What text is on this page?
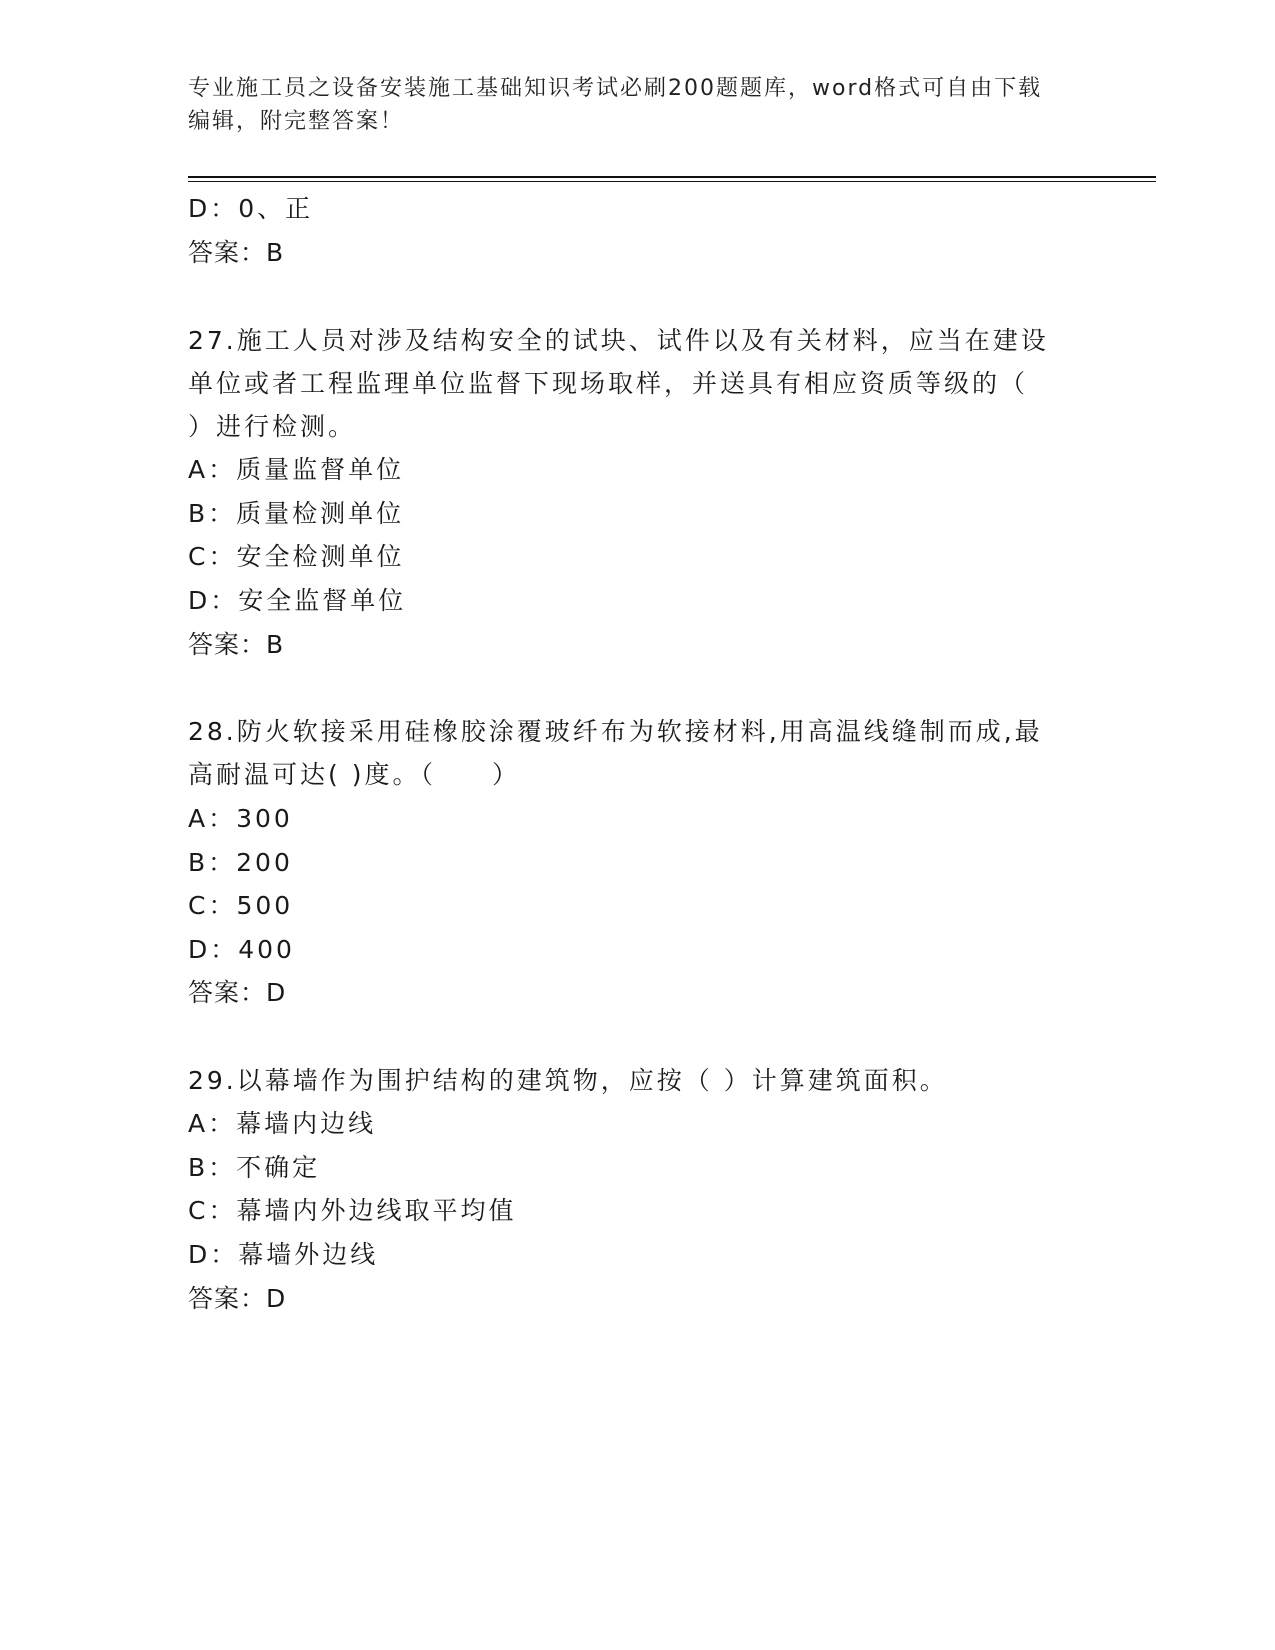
专业施工员之设备安装施工基础知识考试必刷200题题库，word格式可自由下载
编辑，附完整答案！
D：0、正
答案：B
27.施工人员对涉及结构安全的试块、试件以及有关材料，应当在建设
单位或者工程监理单位监督下现场取样，并送具有相应资质等级的（
）进行检测。
A：质量监督单位
B：质量检测单位
C：安全检测单位
D：安全监督单位
答案：B
28.防火软接采用硅橡胶涂覆玻纤布为软接材料,用高温线缝制而成,最
高耐温可达( )度。（　　）
A：300
B：200
C：500
D：400
答案：D
29.以幕墙作为围护结构的建筑物，应按（ ）计算建筑面积。
A：幕墙内边线
B：不确定
C：幕墙内外边线取平均值
D：幕墙外边线
答案：D
